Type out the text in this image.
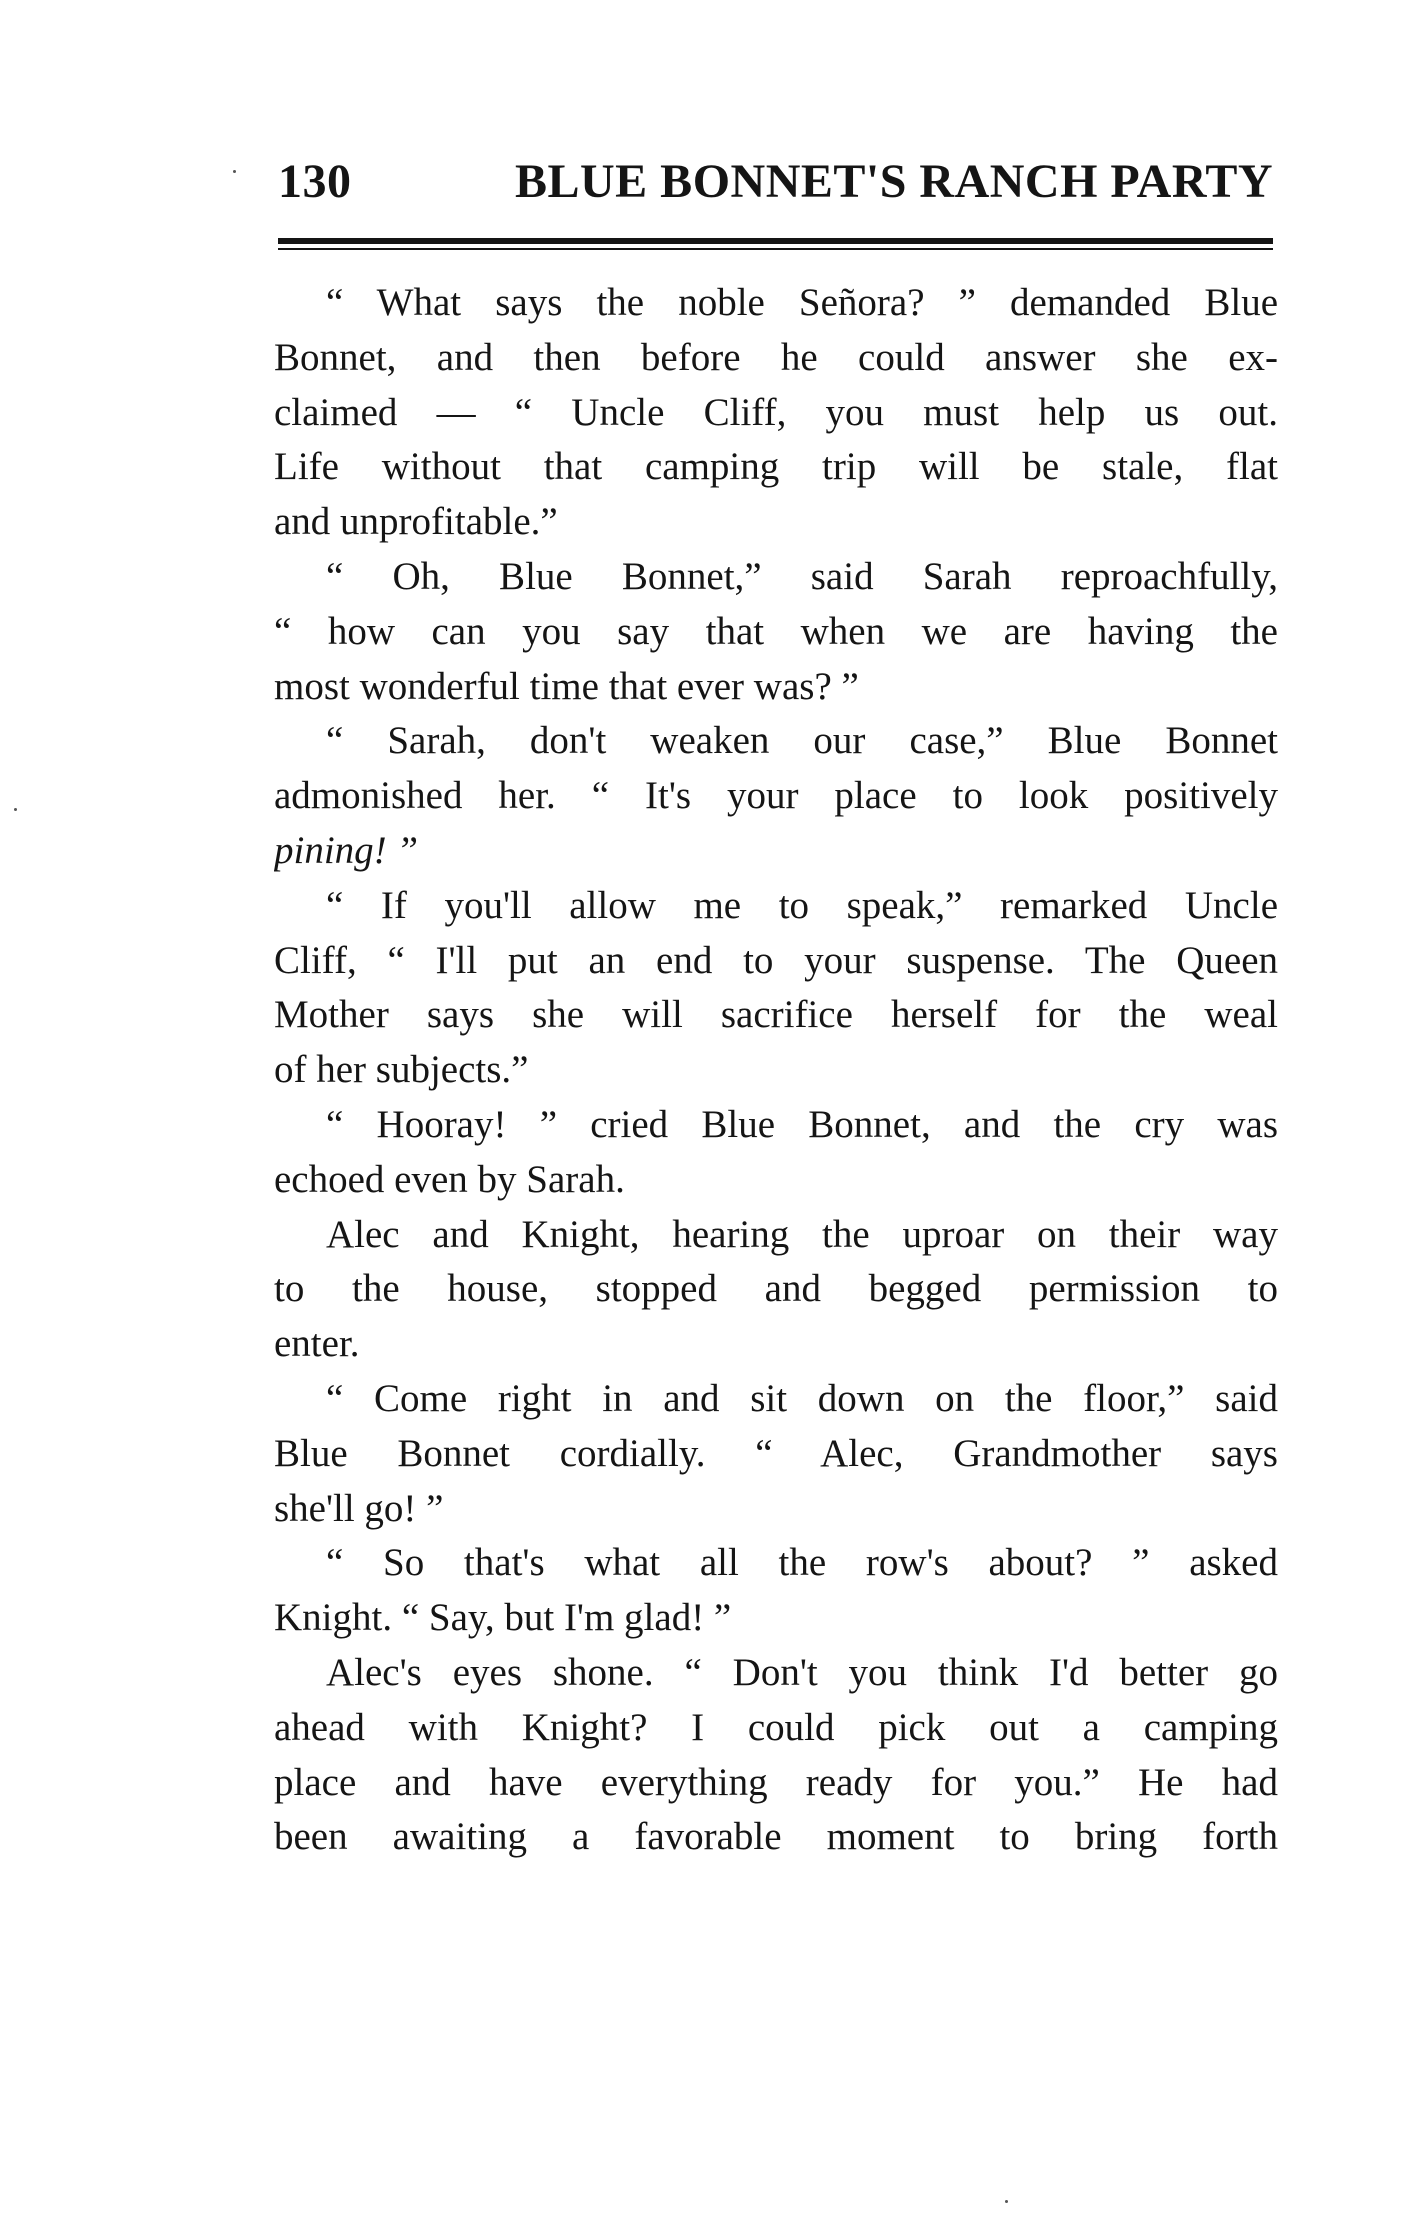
130	BLUE BONNET'S RANCH PARTY
“ What says the noble Señora? ” demanded Blue
Bonnet, and then before he could answer she ex-
claimed — “ Uncle Cliff, you must help us out.
Life without that camping trip will be stale, flat
and unprofitable.”
“ Oh, Blue Bonnet,” said Sarah reproachfully,
“ how can you say that when we are having the
most wonderful time that ever was? ”
“ Sarah, don't weaken our case,” Blue Bonnet
admonished her. “ It's your place to look positively
pining! ”
“ If you'll allow me to speak,” remarked Uncle
Cliff, “ I'll put an end to your suspense. The Queen
Mother says she will sacrifice herself for the weal
of her subjects.”
“ Hooray! ” cried Blue Bonnet, and the cry was
echoed even by Sarah.
Alec and Knight, hearing the uproar on their way
to the house, stopped and begged permission to
enter.
“ Come right in and sit down on the floor,” said
Blue Bonnet cordially. “ Alec, Grandmother says
she'll go! ”
“ So that's what all the row's about? ” asked
Knight. “ Say, but I'm glad! ”
Alec's eyes shone. “ Don't you think I'd better go
ahead with Knight? I could pick out a camping
place and have everything ready for you.” He had
been awaiting a favorable moment to bring forth
